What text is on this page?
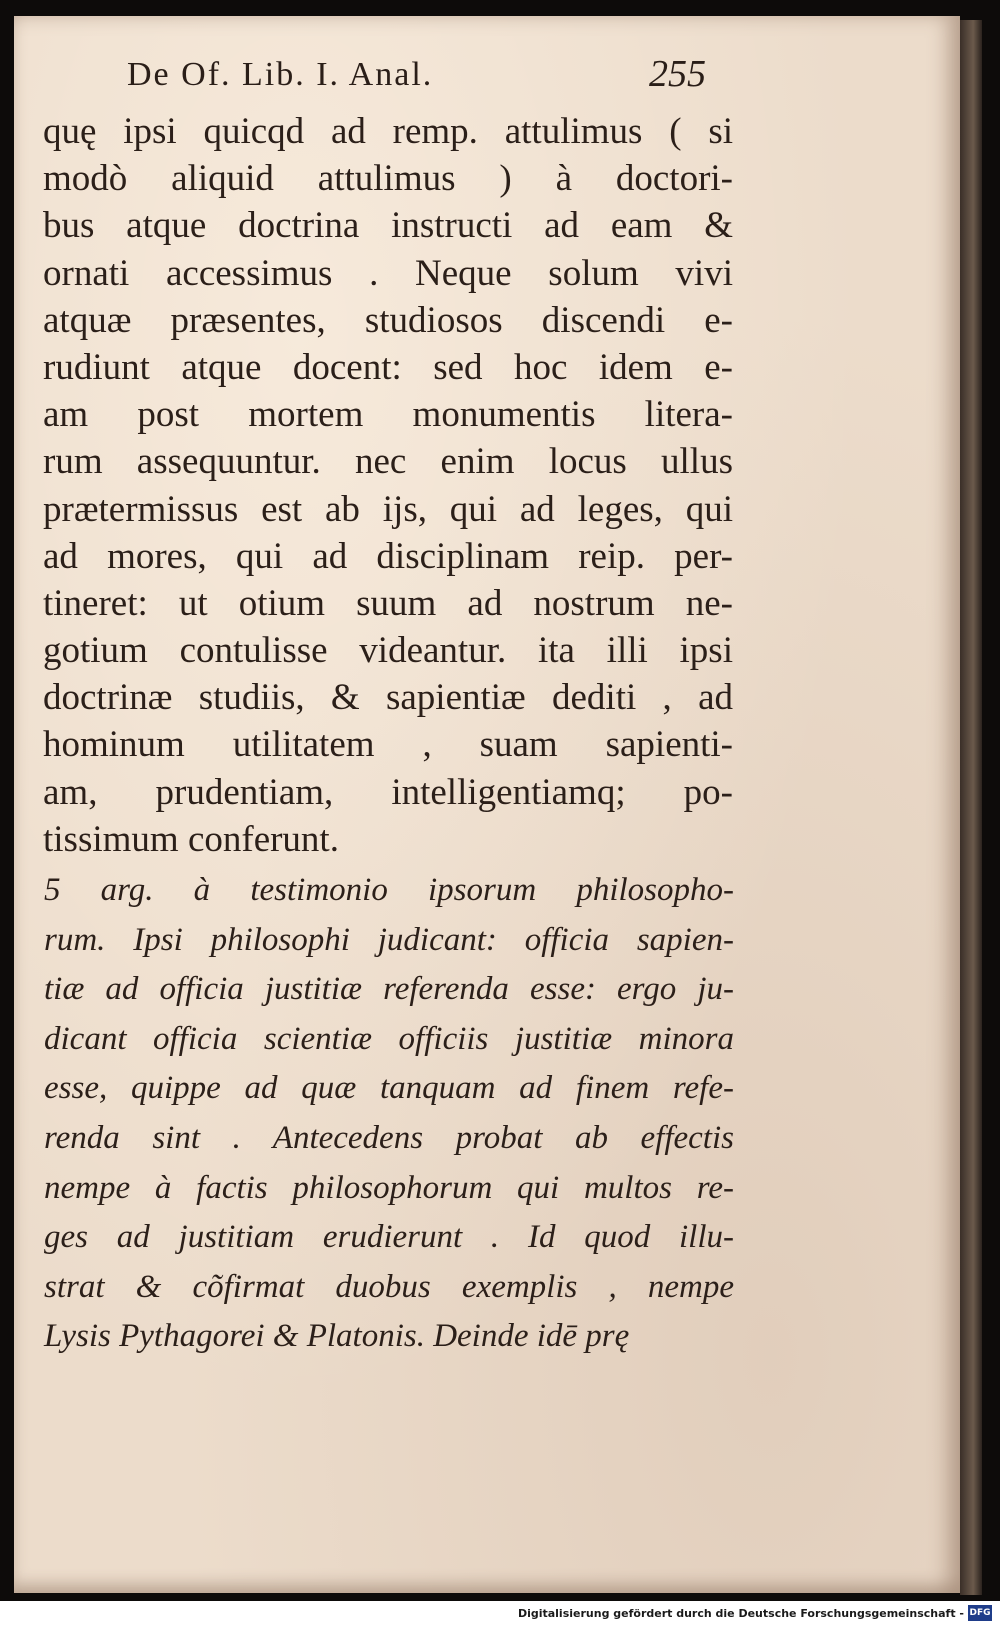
De Of. Lib. I. Anal.	255
quę ipsi quicqd ad remp. attulimus ( si
modò aliquid attulimus ) à doctori-
bus atque doctrina instructi ad eam &
ornati accessimus . Neque solum vivi
atquæ præsentes, studiosos discendi e-
rudiunt atque docent: sed hoc idem e-
am post mortem monumentis litera-
rum assequuntur. nec enim locus ullus
prætermissus est ab ijs, qui ad leges, qui
ad mores, qui ad disciplinam reip. per-
tineret: ut otium suum ad nostrum ne-
gotium contulisse videantur. ita illi ipsi
doctrinæ studiis, & sapientiæ dediti , ad
hominum utilitatem , suam sapienti-
am, prudentiam, intelligentiamq; po-
tissimum conferunt.
5 arg. à testimonio ipsorum philosopho-
rum. Ipsi philosophi judicant: officia sapien-
tiæ ad officia justitiæ referenda esse: ergo ju-
dicant officia scientiæ officiis justitiæ minora
esse, quippe ad quæ tanquam ad finem refe-
renda sint . Antecedens probat ab effectis
nempe à factis philosophorum qui multos re-
ges ad justitiam erudierunt . Id quod illu-
strat & cõfirmat duobus exemplis , nempe
Lysis Pythagorei & Platonis. Deinde idē prę
Digitalisierung gefördert durch die Deutsche Forschungsgemeinschaft - DFG
